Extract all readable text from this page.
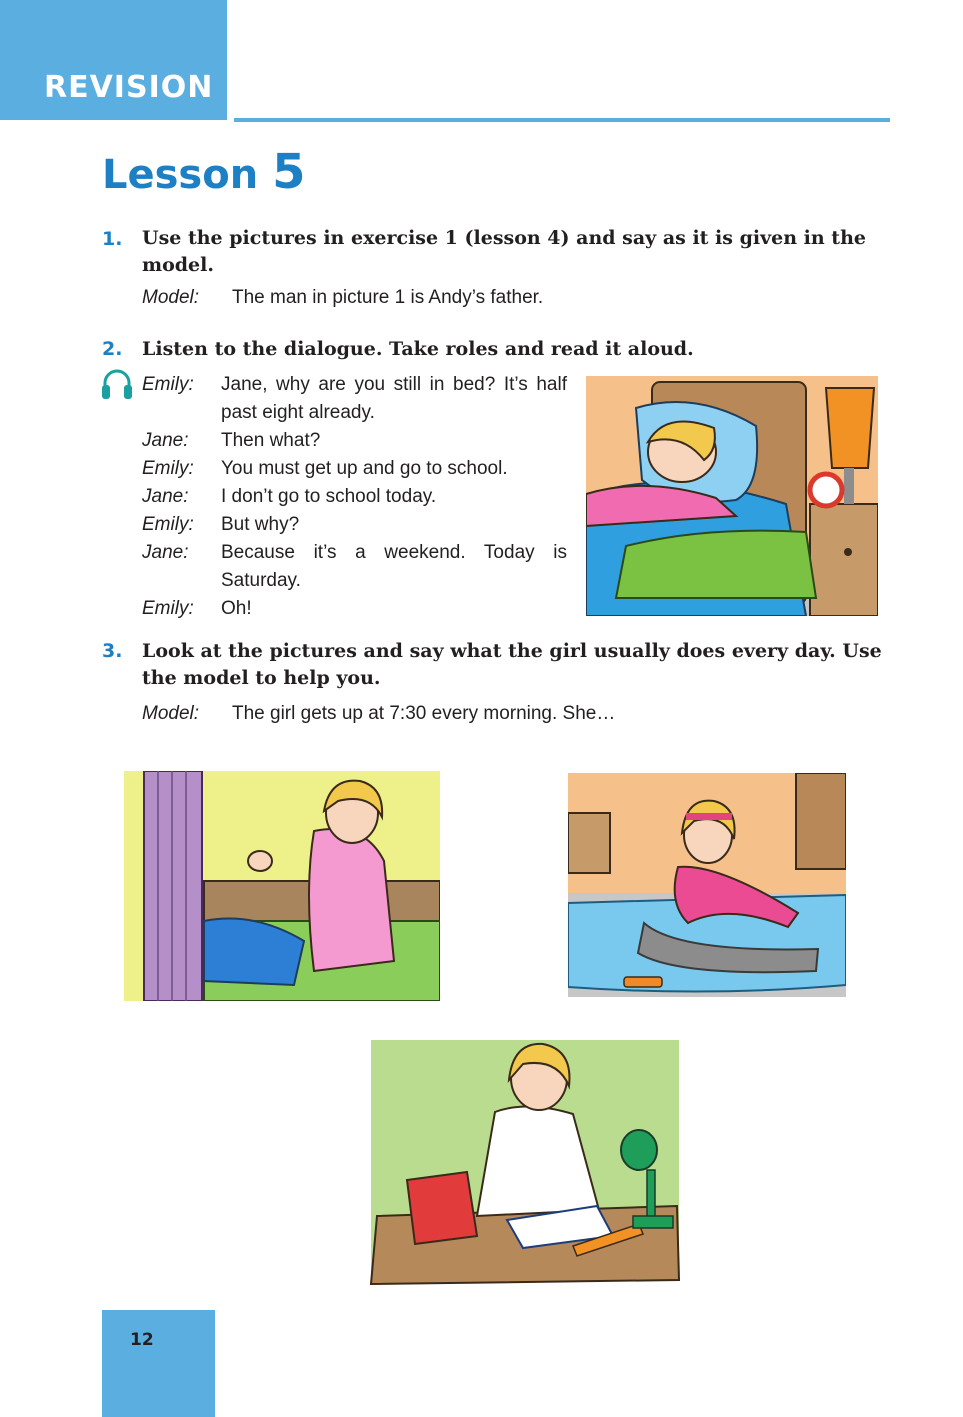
REVISION
Lesson 5
1. Use the pictures in exercise 1 (lesson 4) and say as it is given in the model.
Model: The man in picture 1 is Andy’s father.
2. Listen to the dialogue. Take roles and read it aloud.
Emily:	Jane, why are you still in bed? It’s half past eight already.
Jane:	Then what?
Emily:	You must get up and go to school.
Jane:	I don’t go to school today.
Emily:	But why?
Jane:	Because it’s a weekend. Today is Saturday.
Emily:	Oh!
3. Look at the pictures and say what the girl usually does every day. Use the model to help you.
Model: The girl gets up at 7:30 every morning. She…
12
